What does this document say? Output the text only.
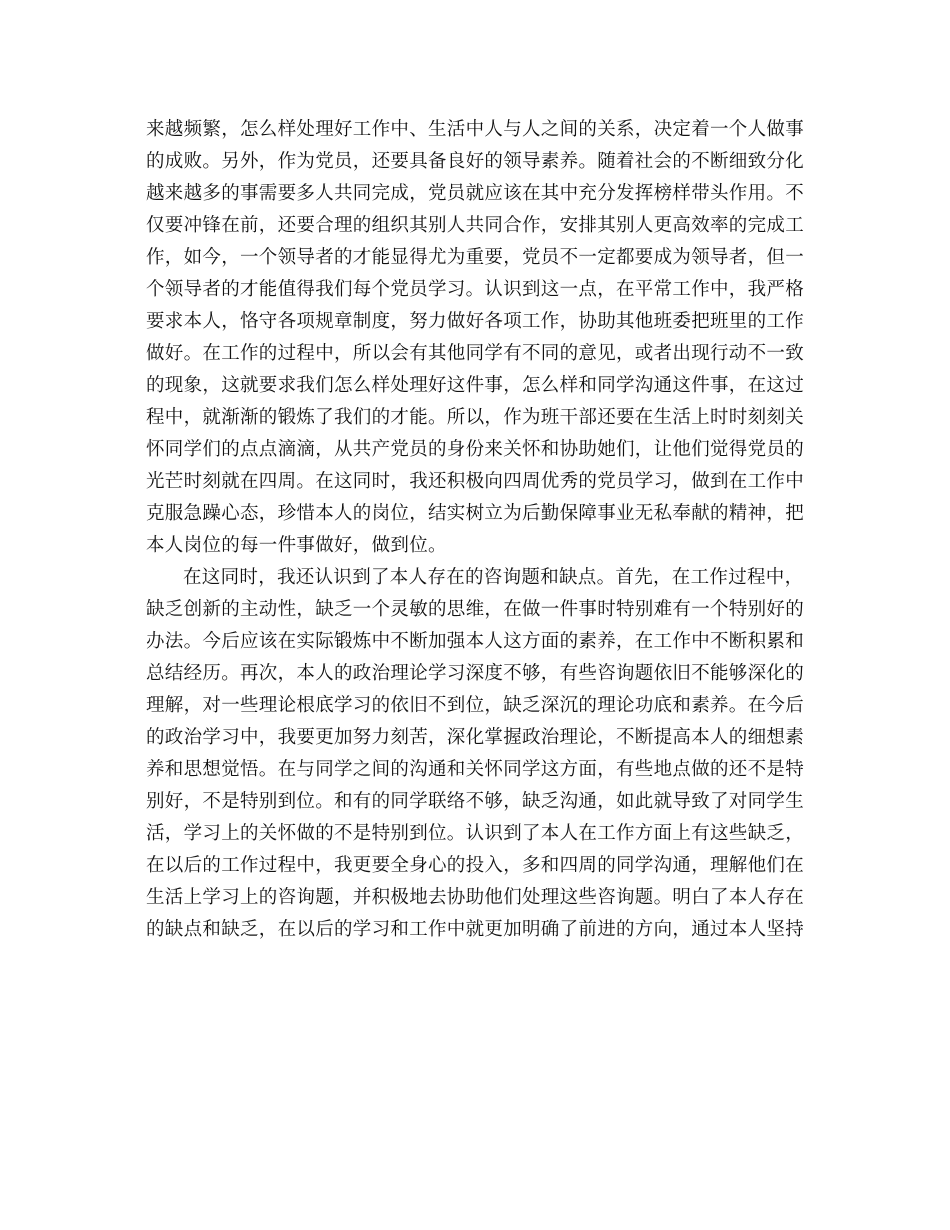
来越频繁，怎么样处理好工作中、生活中人与人之间的关系，决定着一个人做事
的成败。另外，作为党员，还要具备良好的领导素养。随着社会的不断细致分化
越来越多的事需要多人共同完成，党员就应该在其中充分发挥榜样带头作用。不
仅要冲锋在前，还要合理的组织其别人共同合作，安排其别人更高效率的完成工
作，如今，一个领导者的才能显得尤为重要，党员不一定都要成为领导者，但一
个领导者的才能值得我们每个党员学习。认识到这一点，在平常工作中，我严格
要求本人，恪守各项规章制度，努力做好各项工作，协助其他班委把班里的工作
做好。在工作的过程中，所以会有其他同学有不同的意见，或者出现行动不一致
的现象，这就要求我们怎么样处理好这件事，怎么样和同学沟通这件事，在这过
程中，就渐渐的锻炼了我们的才能。所以，作为班干部还要在生活上时时刻刻关
怀同学们的点点滴滴，从共产党员的身份来关怀和协助她们，让他们觉得党员的
光芒时刻就在四周。在这同时，我还积极向四周优秀的党员学习，做到在工作中
克服急躁心态，珍惜本人的岗位，结实树立为后勤保障事业无私奉献的精神，把
本人岗位的每一件事做好，做到位。
在这同时，我还认识到了本人存在的咨询题和缺点。首先，在工作过程中，
缺乏创新的主动性，缺乏一个灵敏的思维，在做一件事时特别难有一个特别好的
办法。今后应该在实际锻炼中不断加强本人这方面的素养，在工作中不断积累和
总结经历。再次，本人的政治理论学习深度不够，有些咨询题依旧不能够深化的
理解，对一些理论根底学习的依旧不到位，缺乏深沉的理论功底和素养。在今后
的政治学习中，我要更加努力刻苦，深化掌握政治理论，不断提高本人的细想素
养和思想觉悟。在与同学之间的沟通和关怀同学这方面，有些地点做的还不是特
别好，不是特别到位。和有的同学联络不够，缺乏沟通，如此就导致了对同学生
活，学习上的关怀做的不是特别到位。认识到了本人在工作方面上有这些缺乏，
在以后的工作过程中，我更要全身心的投入，多和四周的同学沟通，理解他们在
生活上学习上的咨询题，并积极地去协助他们处理这些咨询题。明白了本人存在
的缺点和缺乏，在以后的学习和工作中就更加明确了前进的方向，通过本人坚持
